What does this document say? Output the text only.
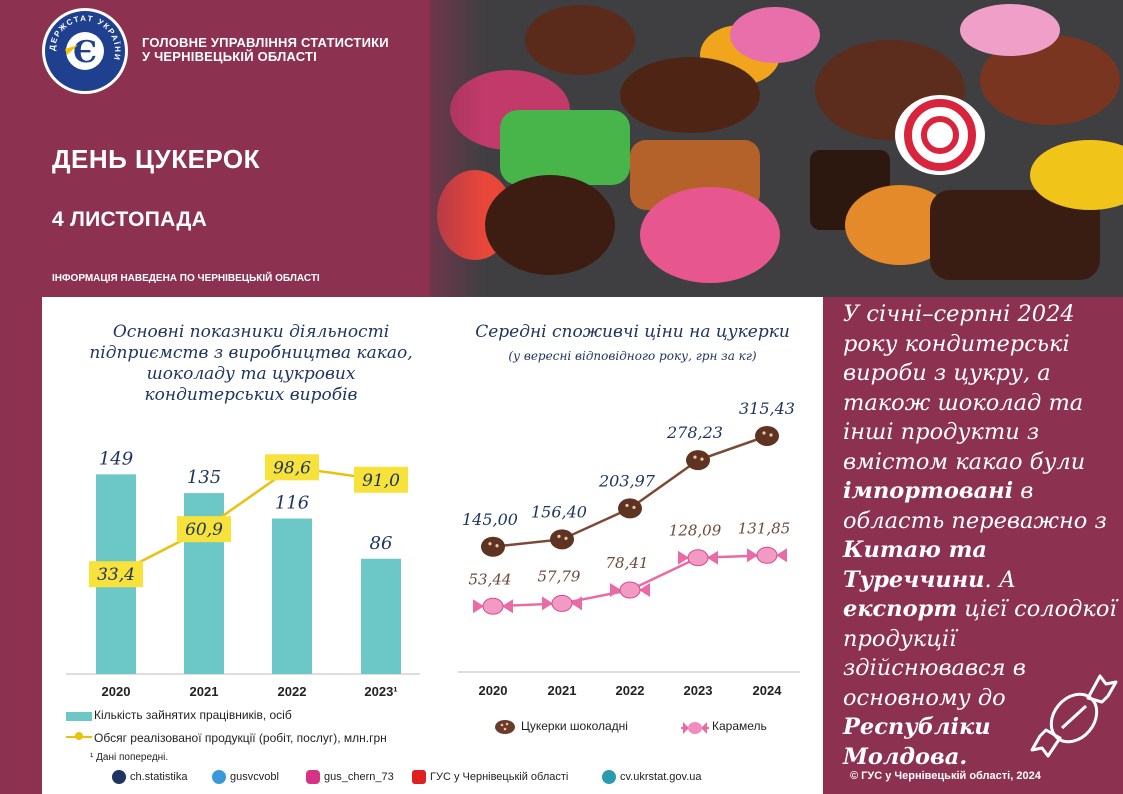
ДЕРЖСТАТ УКРАЇНИ
Є	ГОЛОВНЕ УПРАВЛІННЯ СТАТИСТИКИ
У ЧЕРНІВЕЦЬКІЙ ОБЛАСТІ
ДЕНЬ ЦУКЕРОК
4 ЛИСТОПАДА
ІНФОРМАЦІЯ НАВЕДЕНА ПО ЧЕРНІВЕЦЬКІЙ ОБЛАСТІ
Основні показники діяльності підприємств з виробництва какао, шоколаду та цукрових кондитерських виробів
Середні споживчі ціни на цукерки
(у вересні відповідного року, грн за кг)
149
2020
135
2021
116
2022
86
2023¹
33,4
60,9
98,6
91,0
2020	2021	2022	2023	2024
145,00 156,40
203,97
278,23
315,43
53,44 57,79
78,41
128,09 131,85
Кількість зайнятих працівників, осіб
Обсяг реалізованої продукції (робіт, послуг), млн.грн
¹ Дані попередні.
Цукерки шоколадні	Карамель
У січні–серпні 2024 року кондитерські вироби з цукру, а також шоколад та інші продукти з вмістом какао були імпортовані в область переважно з Китаю та Туреччини. А експорт цієї солодкої продукції здійснювався в основному до Республіки Молдова.
© ГУС у Чернівецькій області, 2024
ch.statistika	gusvcvobl	gus_chern_73	ГУС у Чернівецькій області	cv.ukrstat.gov.ua
